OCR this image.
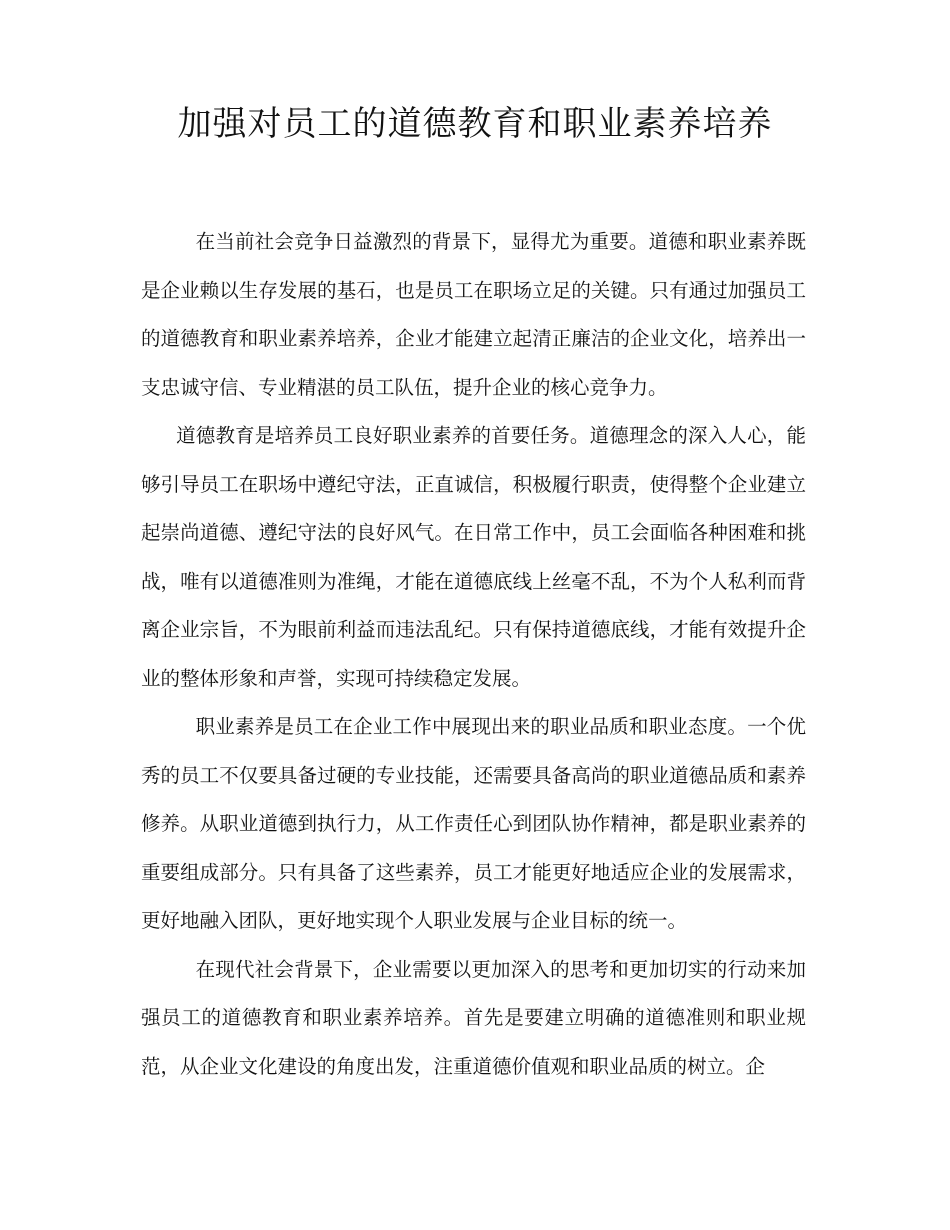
加强对员工的道德教育和职业素养培养

在当前社会竞争日益激烈的背景下，显得尤为重要。道德和职业素养既是企业赖以生存发展的基石，也是员工在职场立足的关键。只有通过加强员工的道德教育和职业素养培养，企业才能建立起清正廉洁的企业文化，培养出一支忠诚守信、专业精湛的员工队伍，提升企业的核心竞争力。

道德教育是培养员工良好职业素养的首要任务。道德理念的深入人心，能够引导员工在职场中遵纪守法，正直诚信，积极履行职责，使得整个企业建立起崇尚道德、遵纪守法的良好风气。在日常工作中，员工会面临各种困难和挑战，唯有以道德准则为准绳，才能在道德底线上丝毫不乱，不为个人私利而背离企业宗旨，不为眼前利益而违法乱纪。只有保持道德底线，才能有效提升企业的整体形象和声誉，实现可持续稳定发展。

职业素养是员工在企业工作中展现出来的职业品质和职业态度。一个优秀的员工不仅要具备过硬的专业技能，还需要具备高尚的职业道德品质和素养修养。从职业道德到执行力，从工作责任心到团队协作精神，都是职业素养的重要组成部分。只有具备了这些素养，员工才能更好地适应企业的发展需求，更好地融入团队，更好地实现个人职业发展与企业目标的统一。

在现代社会背景下，企业需要以更加深入的思考和更加切实的行动来加强员工的道德教育和职业素养培养。首先是要建立明确的道德准则和职业规范，从企业文化建设的角度出发，注重道德价值观和职业品质的树立。企
